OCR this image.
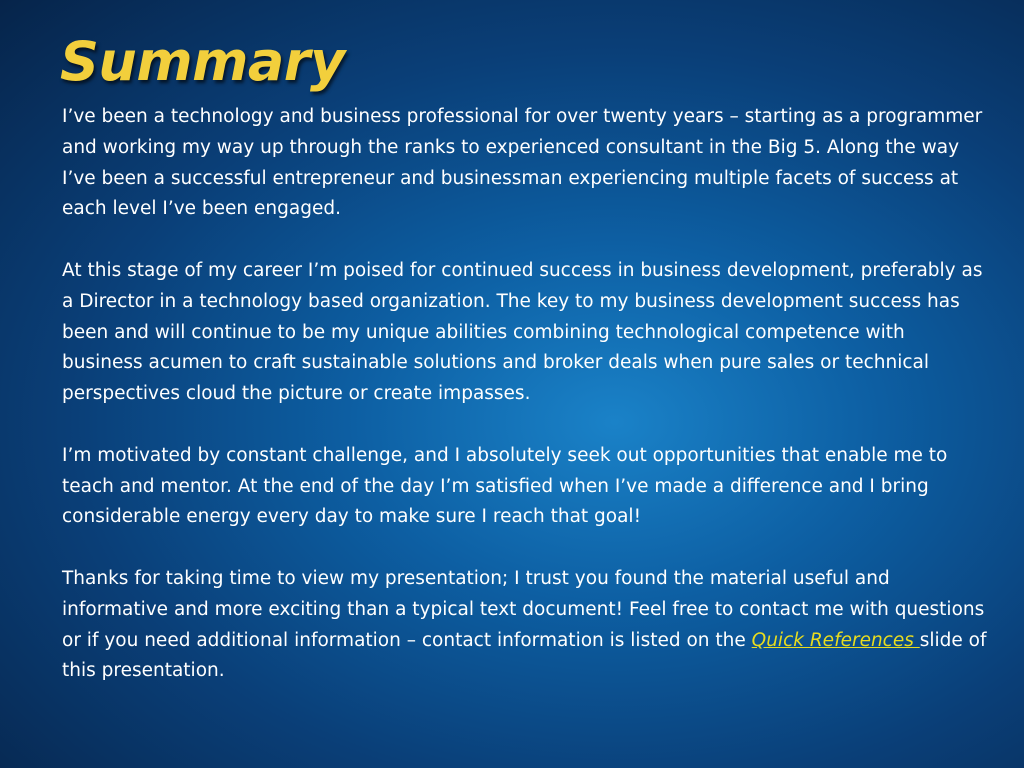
Summary

I’ve been a technology and business professional for over twenty years – starting as a programmer and working my way up through the ranks to experienced consultant in the Big 5. Along the way I’ve been a successful entrepreneur and businessman experiencing multiple facets of success at each level I’ve been engaged.

At this stage of my career I’m poised for continued success in business development, preferably as a Director in a technology based organization. The key to my business development success has been and will continue to be my unique abilities combining technological competence with business acumen to craft sustainable solutions and broker deals when pure sales or technical perspectives cloud the picture or create impasses.

I’m motivated by constant challenge, and I absolutely seek out opportunities that enable me to teach and mentor. At the end of the day I’m satisfied when I’ve made a difference and I bring considerable energy every day to make sure I reach that goal!

Thanks for taking time to view my presentation; I trust you found the material useful and informative and more exciting than a typical text document! Feel free to contact me with questions or if you need additional information – contact information is listed on the Quick References slide of this presentation.
